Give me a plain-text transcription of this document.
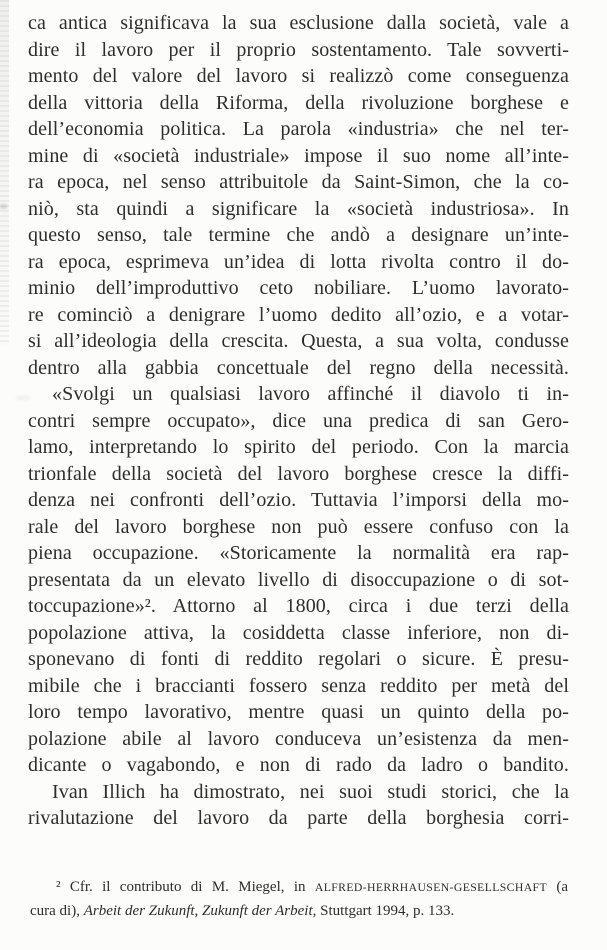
ca antica significava la sua esclusione dalla società, vale a
dire il lavoro per il proprio sostentamento. Tale sovverti-
mento del valore del lavoro si realizzò come conseguenza
della vittoria della Riforma, della rivoluzione borghese e
dell’economia politica. La parola «industria» che nel ter-
mine di «società industriale» impose il suo nome all’inte-
ra epoca, nel senso attribuitole da Saint-Simon, che la co-
niò, sta quindi a significare la «società industriosa». In
questo senso, tale termine che andò a designare un’inte-
ra epoca, esprimeva un’idea di lotta rivolta contro il do-
minio dell’improduttivo ceto nobiliare. L’uomo lavorato-
re cominciò a denigrare l’uomo dedito all’ozio, e a votar-
si all’ideologia della crescita. Questa, a sua volta, condusse
dentro alla gabbia concettuale del regno della necessità.
«Svolgi un qualsiasi lavoro affinché il diavolo ti in-
contri sempre occupato», dice una predica di san Gero-
lamo, interpretando lo spirito del periodo. Con la marcia
trionfale della società del lavoro borghese cresce la diffi-
denza nei confronti dell’ozio. Tuttavia l’imporsi della mo-
rale del lavoro borghese non può essere confuso con la
piena occupazione. «Storicamente la normalità era rap-
presentata da un elevato livello di disoccupazione o di sot-
toccupazione»². Attorno al 1800, circa i due terzi della
popolazione attiva, la cosiddetta classe inferiore, non di-
sponevano di fonti di reddito regolari o sicure. È presu-
mibile che i braccianti fossero senza reddito per metà del
loro tempo lavorativo, mentre quasi un quinto della po-
polazione abile al lavoro conduceva un’esistenza da men-
dicante o vagabondo, e non di rado da ladro o bandito.
Ivan Illich ha dimostrato, nei suoi studi storici, che la
rivalutazione del lavoro da parte della borghesia corri-
² Cfr. il contributo di M. Miegel, in ALFRED-HERRHAUSEN-GESELLSCHAFT (a
cura di), Arbeit der Zukunft, Zukunft der Arbeit, Stuttgart 1994, p. 133.
